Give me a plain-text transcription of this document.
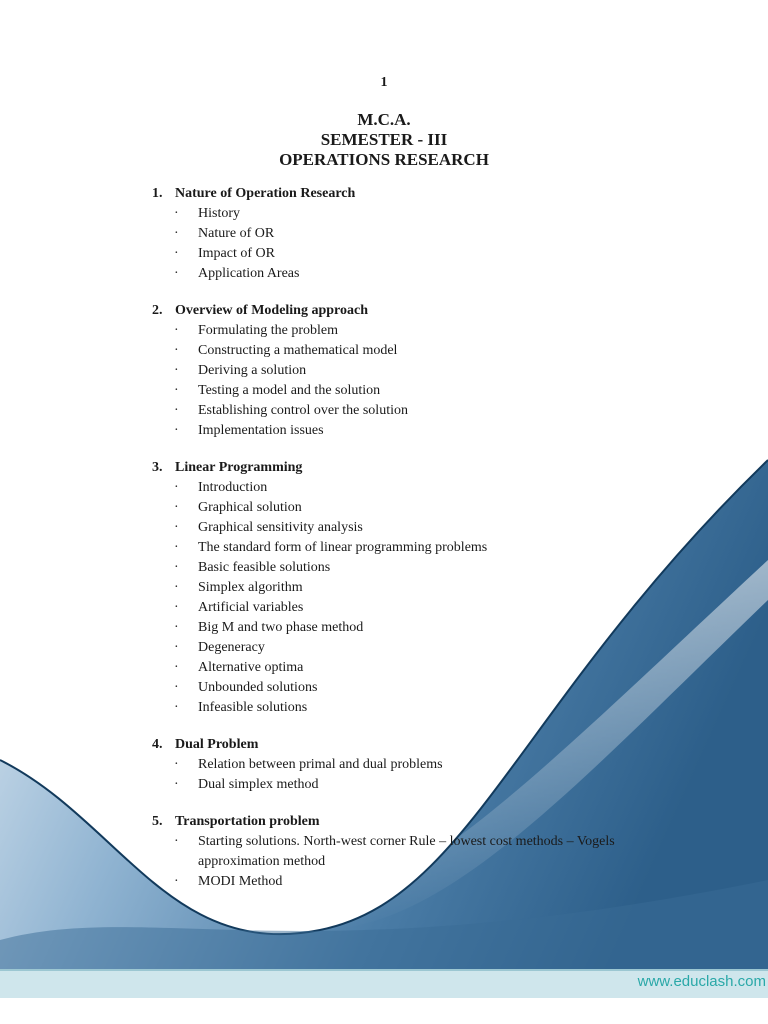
1
M.C.A.
SEMESTER - III
OPERATIONS RESEARCH
1. Nature of Operation Research
·	History
·	Nature of OR
·	Impact of OR
·	Application Areas
2. Overview of Modeling approach
·	Formulating the problem
·	Constructing a mathematical model
·	Deriving a solution
·	Testing a model and the solution
·	Establishing control over the solution
·	Implementation issues
3. Linear Programming
·	Introduction
·	Graphical solution
·	Graphical sensitivity analysis
·	The standard form of linear programming problems
·	Basic feasible solutions
·	Simplex algorithm
·	Artificial variables
·	Big M and two phase method
·	Degeneracy
·	Alternative optima
·	Unbounded solutions
·	Infeasible solutions
4. Dual Problem
·	Relation between primal and dual problems
·	Dual simplex method
5. Transportation problem
·	Starting solutions. North-west corner Rule – lowest cost methods – Vogels approximation method
·	MODI Method
www.educlash.com
